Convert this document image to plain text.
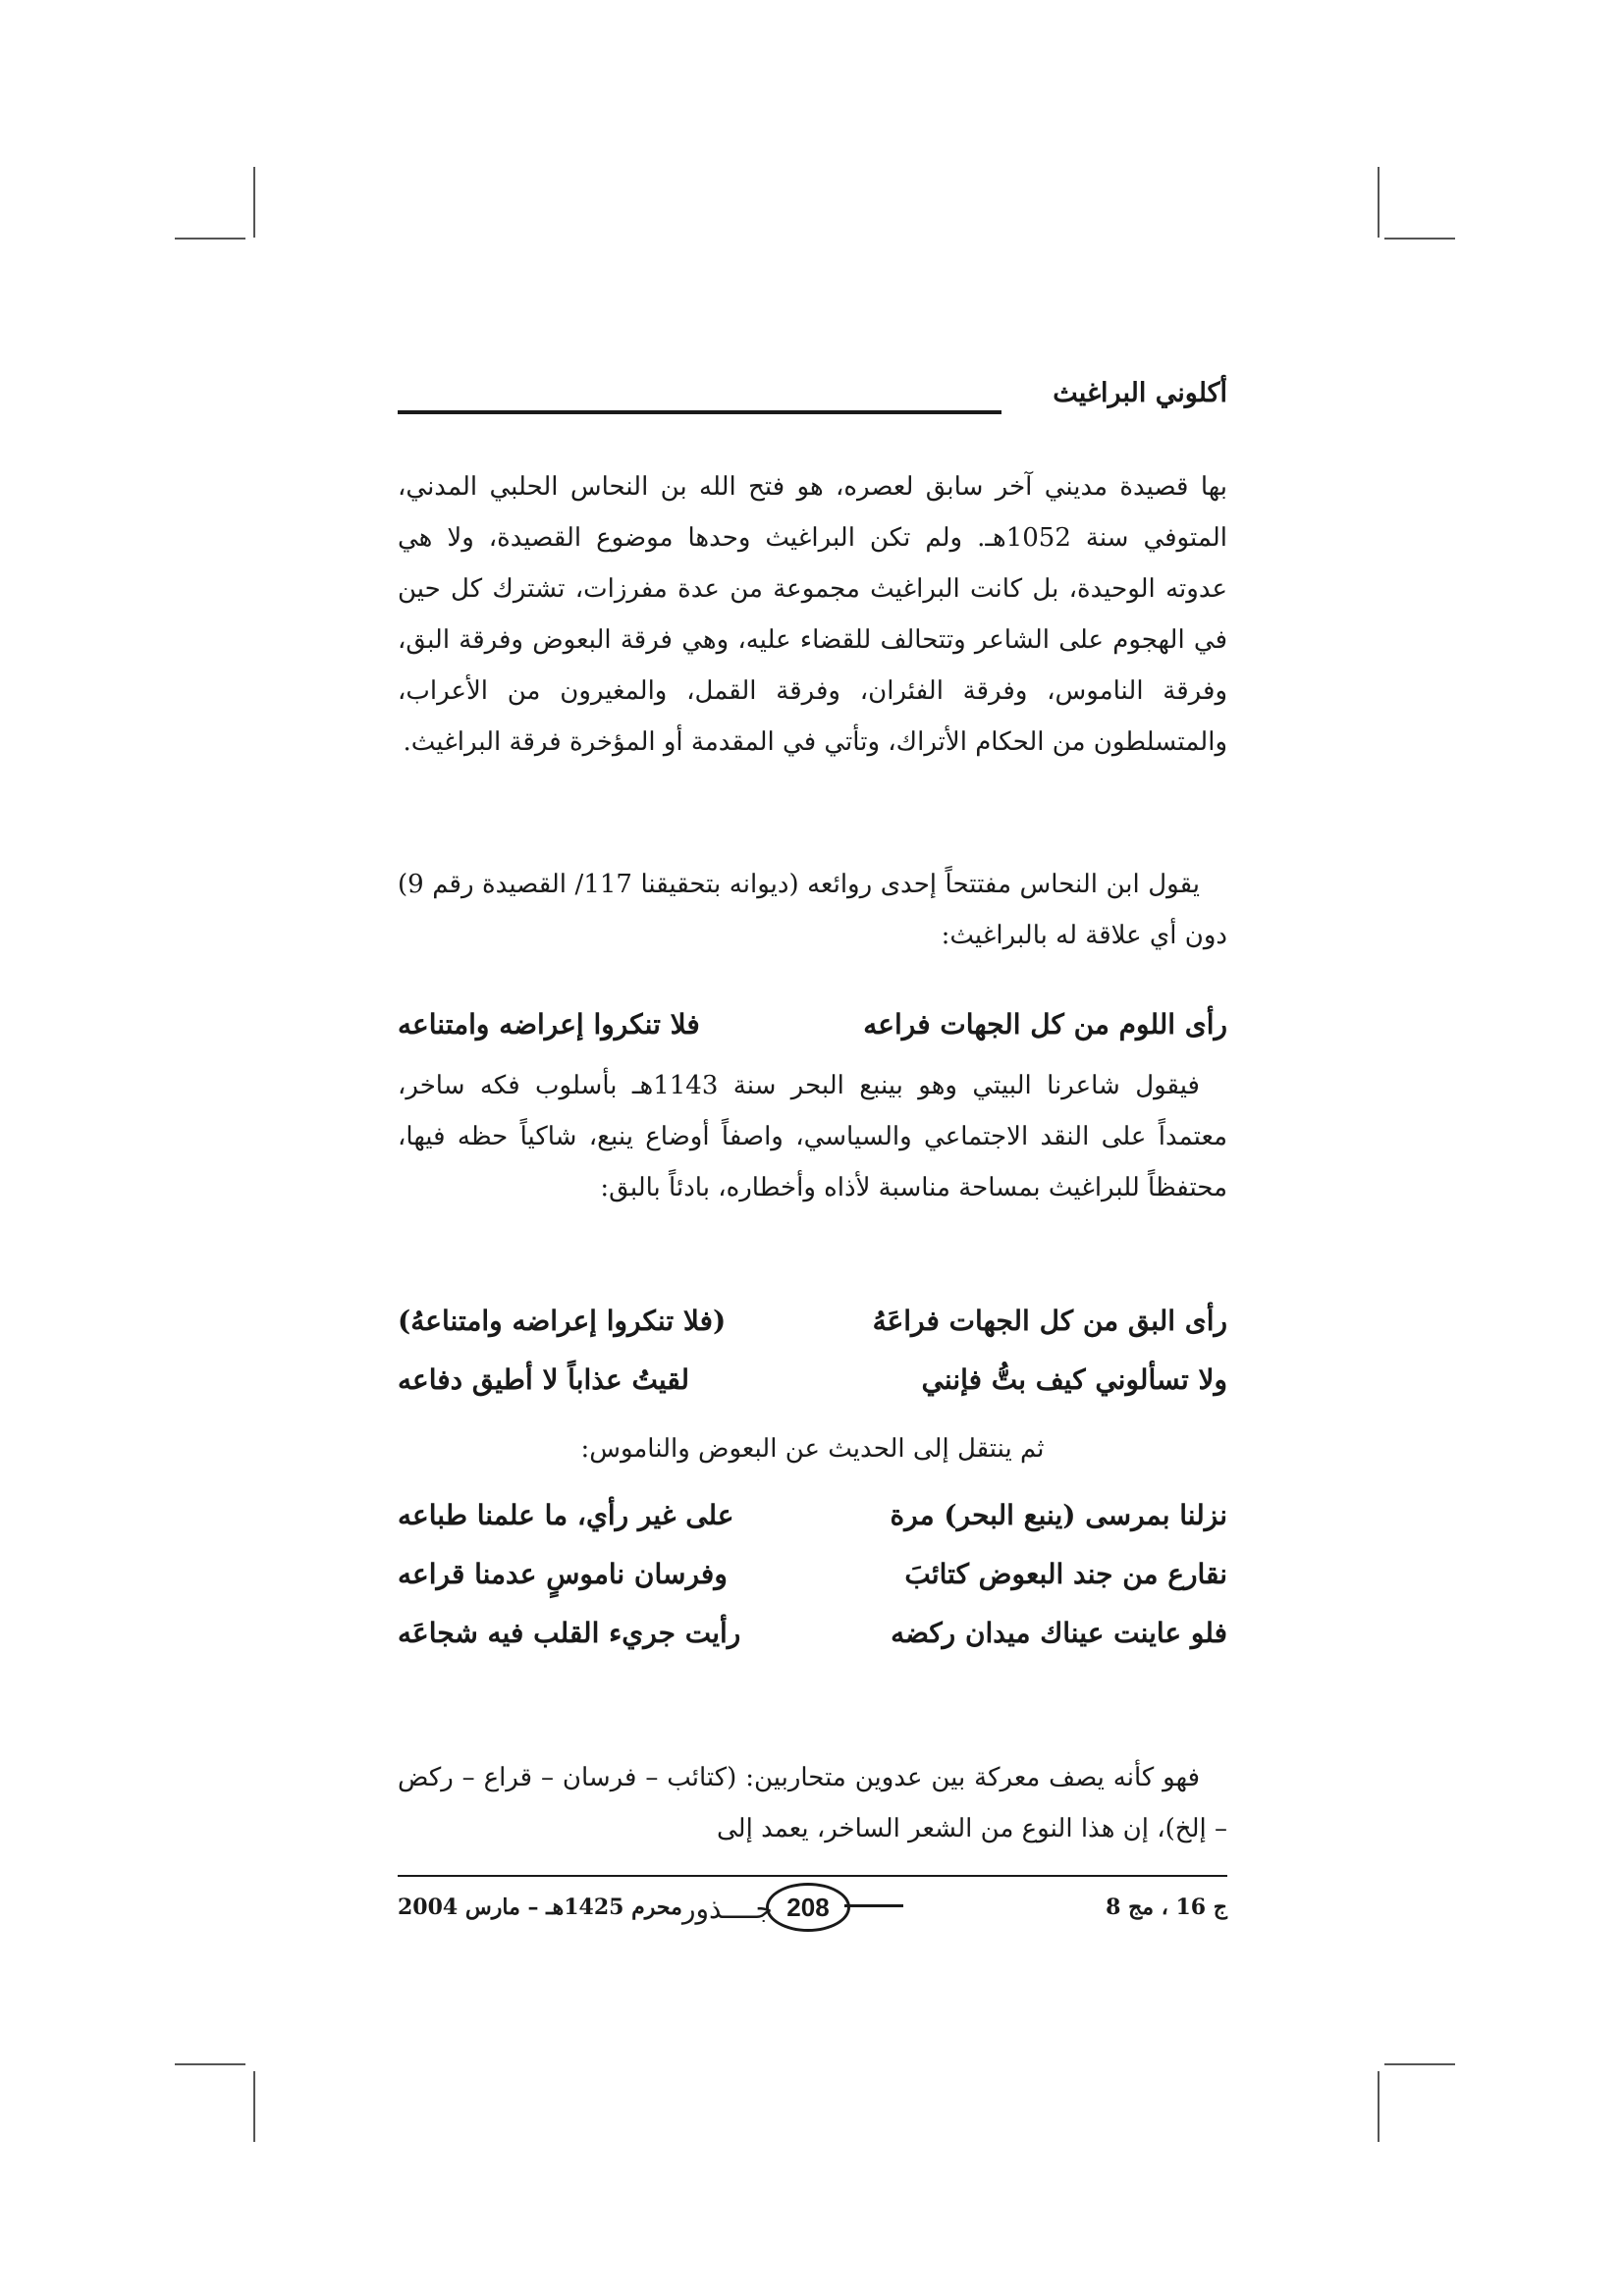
أكلوني البراغيث

بها قصيدة مديني آخر سابق لعصره، هو فتح الله بن النحاس الحلبي المدني، المتوفي سنة 1052هـ. ولم تكن البراغيث وحدها موضوع القصيدة، ولا هي عدوته الوحيدة، بل كانت البراغيث مجموعة من عدة مفرزات، تشترك كل حين في الهجوم على الشاعر وتتحالف للقضاء عليه، وهي فرقة البعوض وفرقة البق، وفرقة الناموس، وفرقة الفئران، وفرقة القمل، والمغيرون من الأعراب، والمتسلطون من الحكام الأتراك، وتأتي في المقدمة أو المؤخرة فرقة البراغيث.

يقول ابن النحاس مفتتحاً إحدى روائعه (ديوانه بتحقيقنا 117/ القصيدة رقم 9) دون أي علاقة له بالبراغيث:

رأى اللوم من كل الجهات فراعه
فلا تنكروا إعراضه وامتناعه

فيقول شاعرنا البيتي وهو بينبع البحر سنة 1143هـ بأسلوب فكه ساخر، معتمداً على النقد الاجتماعي والسياسي، واصفاً أوضاع ينبع، شاكياً حظه فيها، محتفظاً للبراغيث بمساحة مناسبة لأذاه وأخطاره، بادئاً بالبق:

رأى البق من كل الجهات فراعَهُ
(فلا تنكروا إعراضه وامتناعهُ)
ولا تسألوني كيف بتُّ فإنني
لقيتُ عذاباً لا أطيق دفاعه

ثم ينتقل إلى الحديث عن البعوض والناموس:

نزلنا بمرسى (ينبع البحر) مرة
على غير رأي، ما علمنا طباعه
نقارع من جند البعوض كتائبَ
وفرسان ناموسٍ عدمنا قراعه
فلو عاينت عيناك ميدان ركضه
رأيت جريء القلب فيه شجاعَه

فهو كأنه يصف معركة بين عدوين متحاربين: (كتائب – فرسان – قراع – ركض – إلخ)، إن هذا النوع من الشعر الساخر، يعمد إلى

ج 16 ، مج 8
208
جــــذور
محرم 1425هـ – مارس 2004
